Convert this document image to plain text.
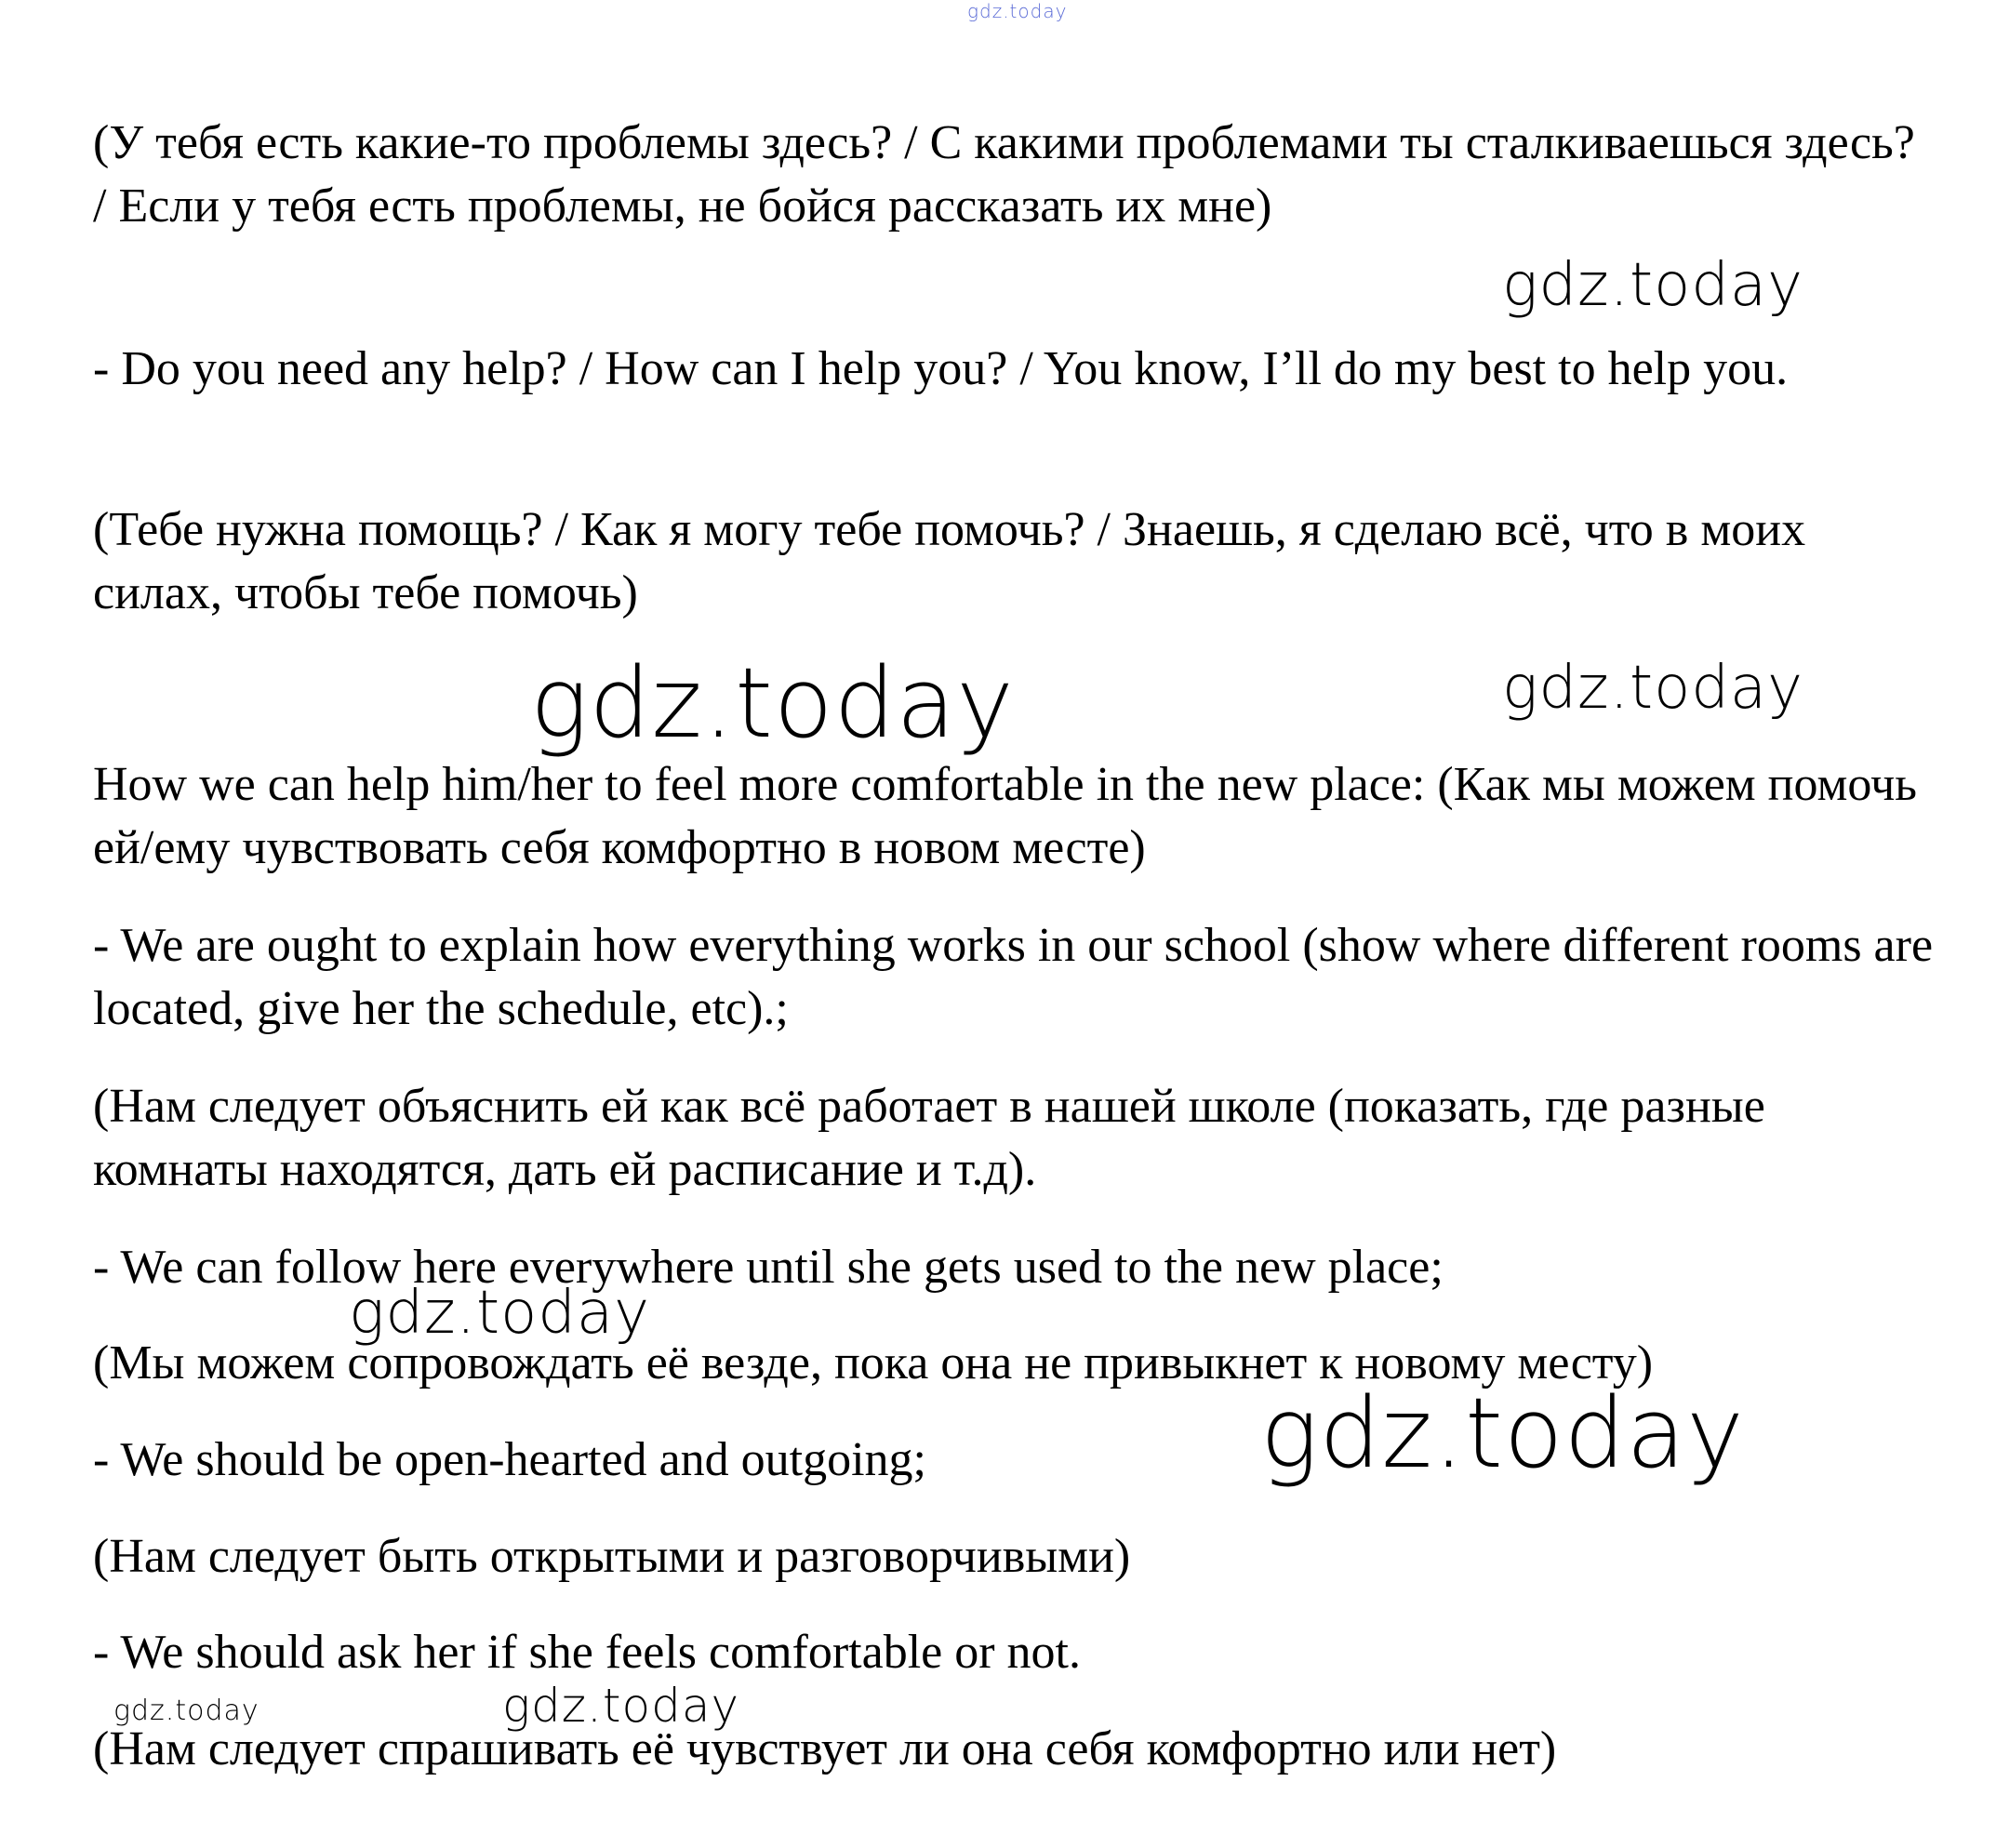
gdz.today
gdz.today
gdz.today	gdz.today
gdz.today
gdz.today
gdz.today	gdz.today

(У тебя есть какие-то проблемы здесь? / С какими проблемами ты сталкиваешься здесь? / Если у тебя есть проблемы, не бойся рассказать их мне)

- Do you need any help? / How can I help you? / You know, I’ll do my best to help you.

(Тебе нужна помощь? / Как я могу тебе помочь? / Знаешь, я сделаю всё, что в моих силах, чтобы тебе помочь)

How we can help him/her to feel more comfortable in the new place: (Как мы можем помочь ей/ему чувствовать себя комфортно в новом месте)

- We are ought to explain how everything works in our school (show where different rooms are located, give her the schedule, etc).;

(Нам следует объяснить ей как всё работает в нашей школе (показать, где разные комнаты находятся, дать ей расписание и т.д).

- We can follow here everywhere until she gets used to the new place;

(Мы можем сопровождать её везде, пока она не привыкнет к новому месту)

- We should be open-hearted and outgoing;

(Нам следует быть открытыми и разговорчивыми)

- We should ask her if she feels comfortable or not.

(Нам следует спрашивать её чувствует ли она себя комфортно или нет)
